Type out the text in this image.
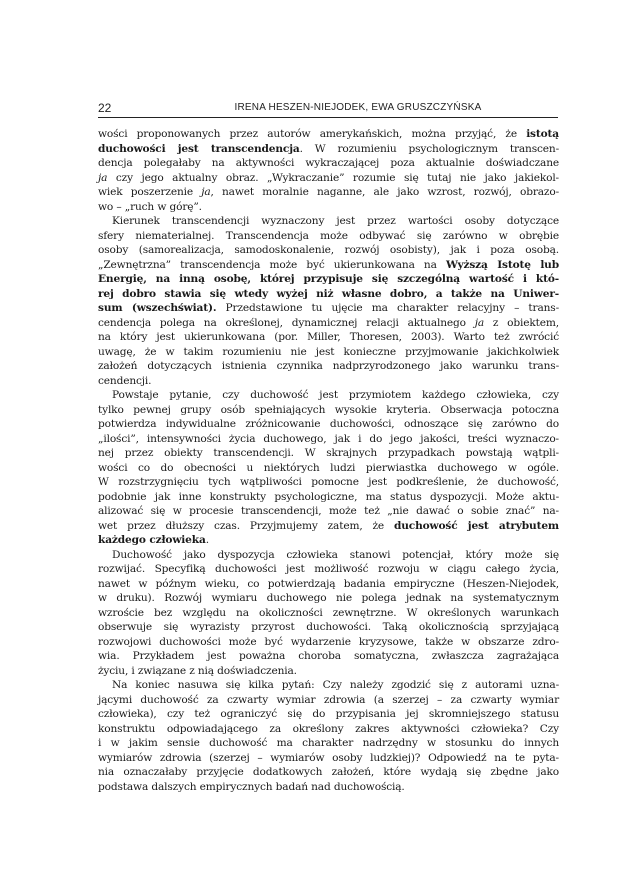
22	IRENA HESZEN-NIEJODEK, EWA GRUSZCZYŃSKA
wości proponowanych przez autorów amerykańskich, można przyjąć, że istotą
duchowości jest transcendencja. W rozumieniu psychologicznym transcen-
dencja polegałaby na aktywności wykraczającej poza aktualnie doświadczane
ja czy jego aktualny obraz. „Wykraczanie” rozumie się tutaj nie jako jakiekol-
wiek poszerzenie ja, nawet moralnie naganne, ale jako wzrost, rozwój, obrazo-
wo – „ruch w górę”.
Kierunek transcendencji wyznaczony jest przez wartości osoby dotyczące
sfery niematerialnej. Transcendencja może odbywać się zarówno w obrębie
osoby (samorealizacja, samodoskonalenie, rozwój osobisty), jak i poza osobą.
„Zewnętrzna” transcendencja może być ukierunkowana na Wyższą Istotę lub
Energię, na inną osobę, której przypisuje się szczególną wartość i któ-
rej dobro stawia się wtedy wyżej niż własne dobro, a także na Uniwer-
sum (wszechświat). Przedstawione tu ujęcie ma charakter relacyjny – trans-
cendencja polega na określonej, dynamicznej relacji aktualnego ja z obiektem,
na który jest ukierunkowana (por. Miller, Thoresen, 2003). Warto też zwrócić
uwagę, że w takim rozumieniu nie jest konieczne przyjmowanie jakichkolwiek
założeń dotyczących istnienia czynnika nadprzyrodzonego jako warunku trans-
cendencji.
Powstaje pytanie, czy duchowość jest przymiotem każdego człowieka, czy
tylko pewnej grupy osób spełniających wysokie kryteria. Obserwacja potoczna
potwierdza indywidualne zróżnicowanie duchowości, odnoszące się zarówno do
„ilości”, intensywności życia duchowego, jak i do jego jakości, treści wyznaczo-
nej przez obiekty transcendencji. W skrajnych przypadkach powstają wątpli-
wości co do obecności u niektórych ludzi pierwiastka duchowego w ogóle.
W rozstrzygnięciu tych wątpliwości pomocne jest podkreślenie, że duchowość,
podobnie jak inne konstrukty psychologiczne, ma status dyspozycji. Może aktu-
alizować się w procesie transcendencji, może też „nie dawać o sobie znać” na-
wet przez dłuższy czas. Przyjmujemy zatem, że duchowość jest atrybutem
każdego człowieka.
Duchowość jako dyspozycja człowieka stanowi potencjał, który może się
rozwijać. Specyfiką duchowości jest możliwość rozwoju w ciągu całego życia,
nawet w późnym wieku, co potwierdzają badania empiryczne (Heszen-Niejodek,
w druku). Rozwój wymiaru duchowego nie polega jednak na systematycznym
wzroście bez względu na okoliczności zewnętrzne. W określonych warunkach
obserwuje się wyrazisty przyrost duchowości. Taką okolicznością sprzyjającą
rozwojowi duchowości może być wydarzenie kryzysowe, także w obszarze zdro-
wia. Przykładem jest poważna choroba somatyczna, zwłaszcza zagrażająca
życiu, i związane z nią doświadczenia.
Na koniec nasuwa się kilka pytań: Czy należy zgodzić się z autorami uzna-
jącymi duchowość za czwarty wymiar zdrowia (a szerzej – za czwarty wymiar
człowieka), czy też ograniczyć się do przypisania jej skromniejszego statusu
konstruktu odpowiadającego za określony zakres aktywności człowieka? Czy
i w jakim sensie duchowość ma charakter nadrzędny w stosunku do innych
wymiarów zdrowia (szerzej – wymiarów osoby ludzkiej)? Odpowiedź na te pyta-
nia oznaczałaby przyjęcie dodatkowych założeń, które wydają się zbędne jako
podstawa dalszych empirycznych badań nad duchowością.
